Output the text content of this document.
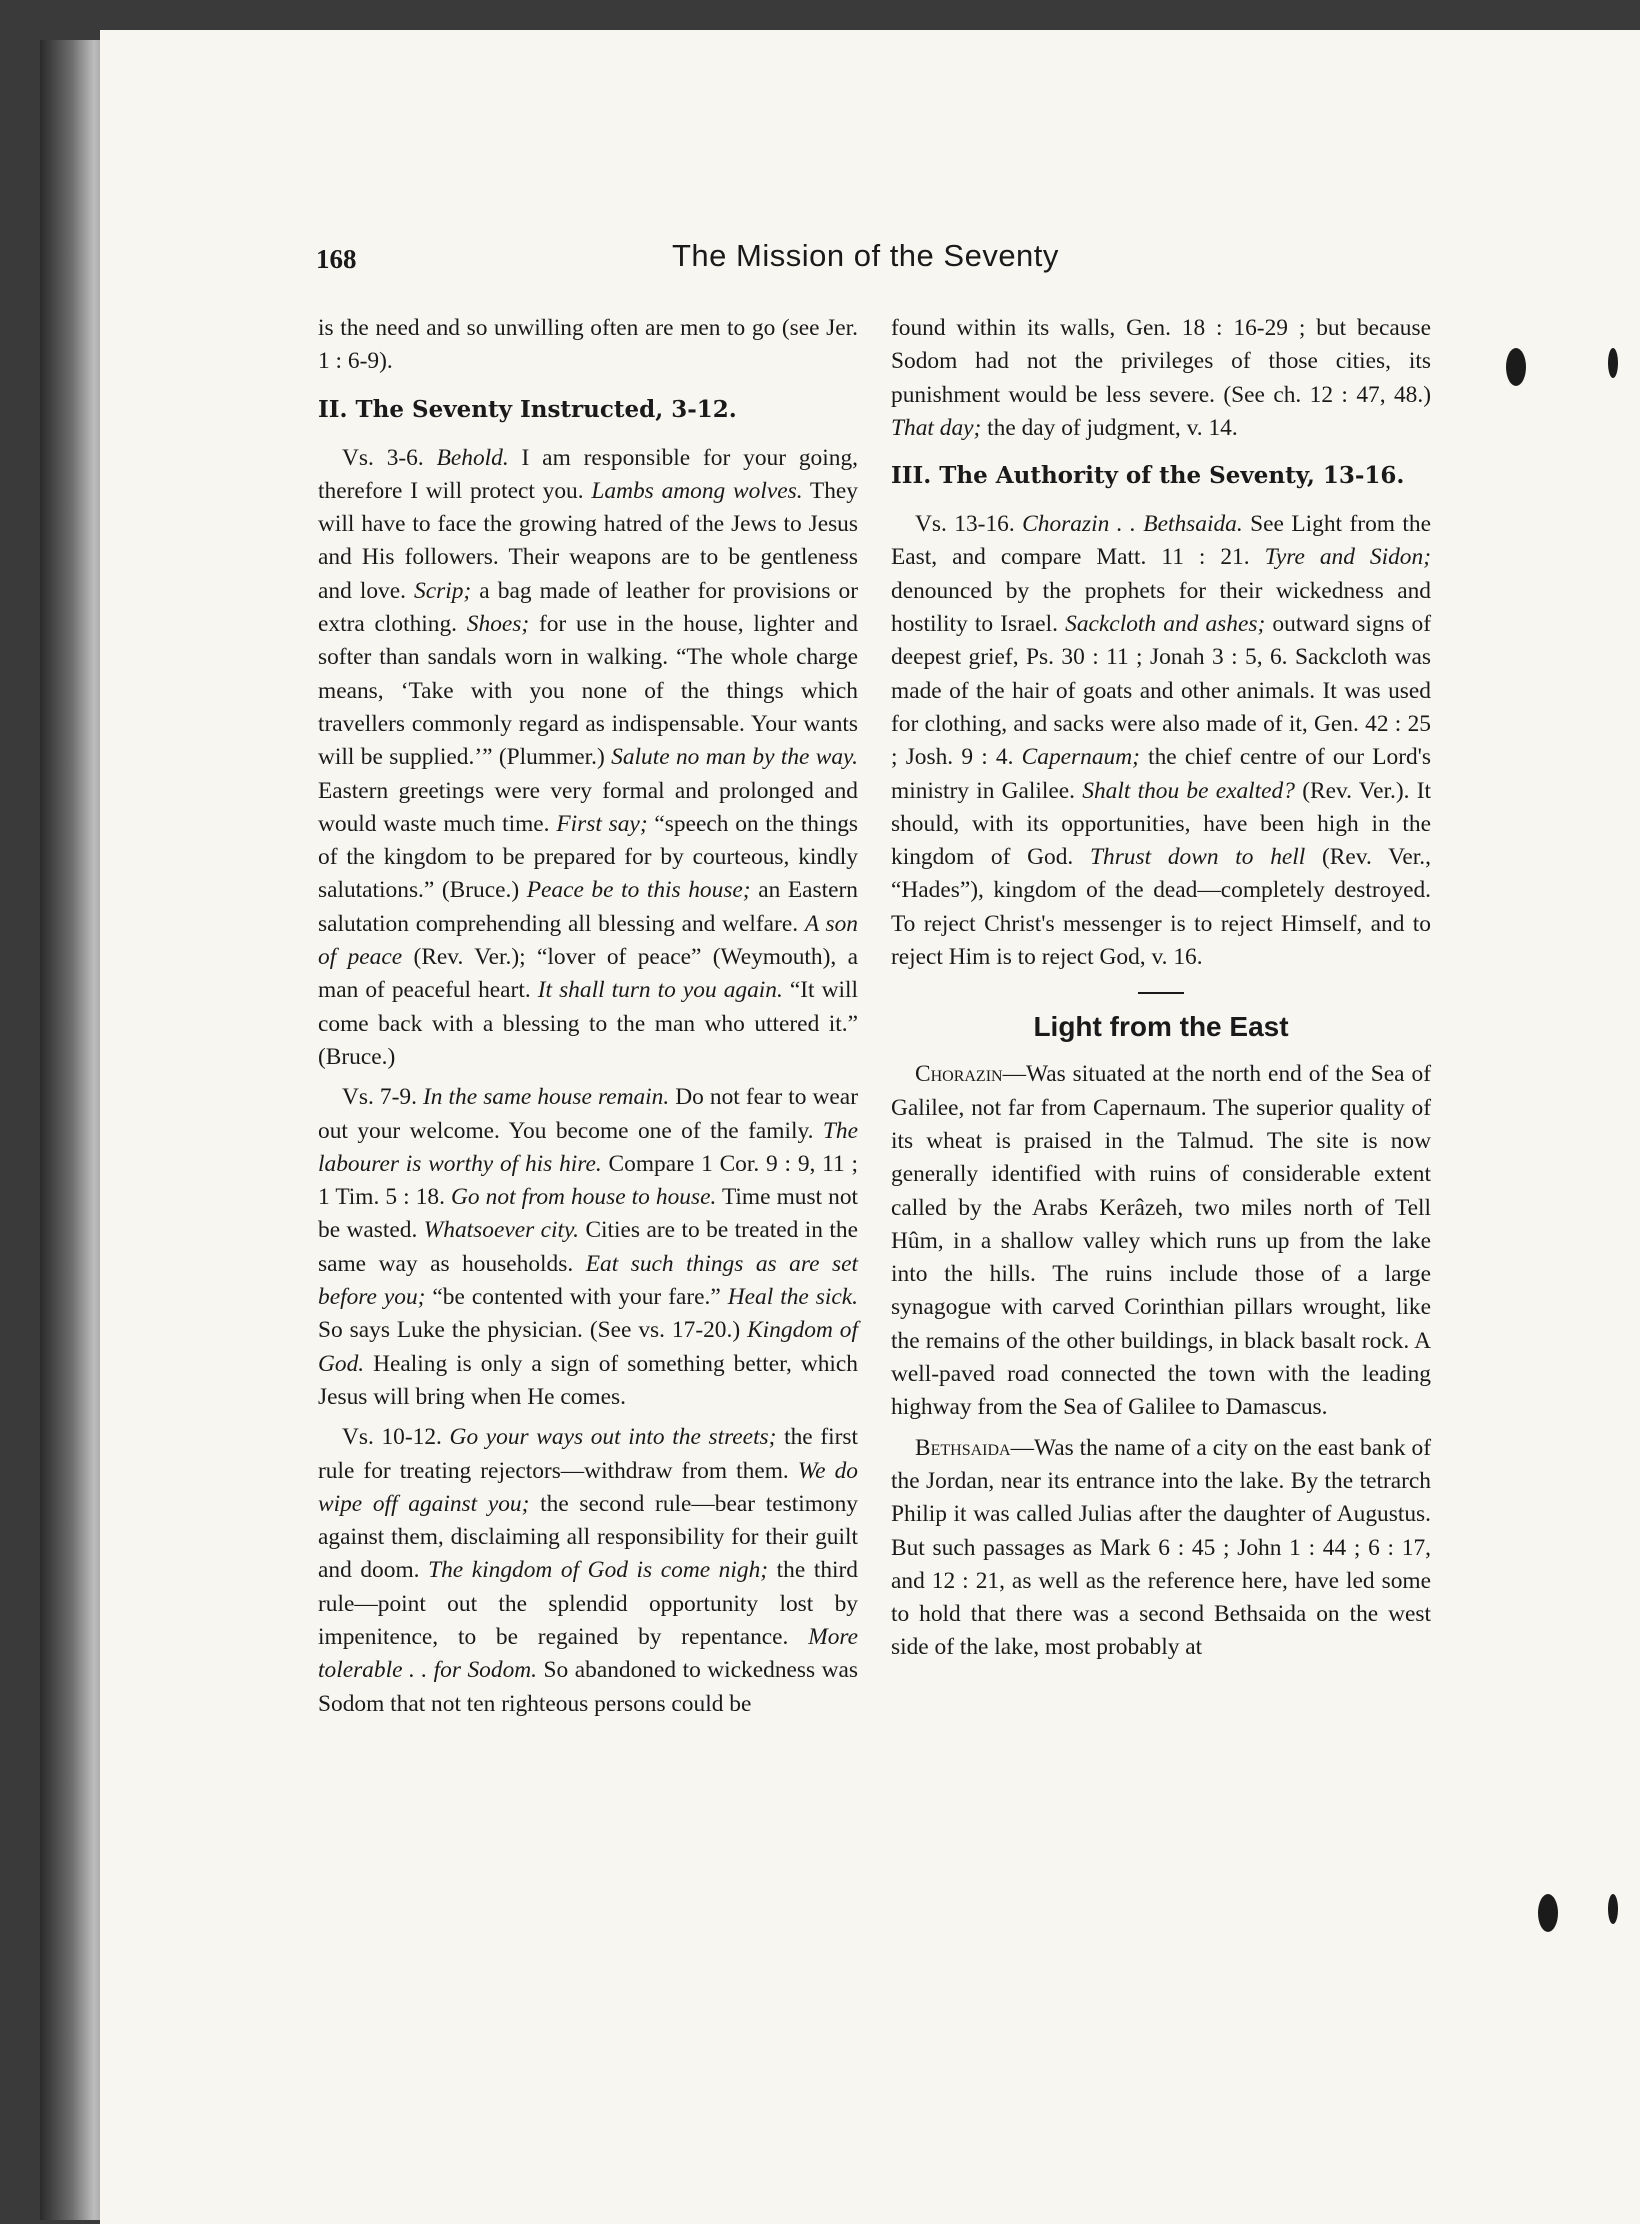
168	The Mission of the Seventy

is the need and so unwilling often are men to go (see Jer. 1 : 6-9).

II. The Seventy Instructed, 3-12.

Vs. 3-6. Behold. I am responsible for your going, therefore I will protect you. Lambs among wolves. They will have to face the growing hatred of the Jews to Jesus and His followers. Their weapons are to be gentleness and love. Scrip; a bag made of leather for provisions or extra clothing. Shoes; for use in the house, lighter and softer than sandals worn in walking. “The whole charge means, ‘Take with you none of the things which travellers commonly regard as indispensable. Your wants will be supplied.’” (Plummer.) Salute no man by the way. Eastern greetings were very formal and prolonged and would waste much time. First say; “speech on the things of the kingdom to be prepared for by courteous, kindly salutations.” (Bruce.) Peace be to this house; an Eastern salutation comprehending all blessing and welfare. A son of peace (Rev. Ver.); “lover of peace” (Weymouth), a man of peaceful heart. It shall turn to you again. “It will come back with a blessing to the man who uttered it.” (Bruce.)

Vs. 7-9. In the same house remain. Do not fear to wear out your welcome. You become one of the family. The labourer is worthy of his hire. Compare 1 Cor. 9 : 9, 11 ; 1 Tim. 5 : 18. Go not from house to house. Time must not be wasted. Whatsoever city. Cities are to be treated in the same way as households. Eat such things as are set before you; “be contented with your fare.” Heal the sick. So says Luke the physician. (See vs. 17-20.) Kingdom of God. Healing is only a sign of something better, which Jesus will bring when He comes.

Vs. 10-12. Go your ways out into the streets; the first rule for treating rejectors—withdraw from them. We do wipe off against you; the second rule—bear testimony against them, disclaiming all responsibility for their guilt and doom. The kingdom of God is come nigh; the third rule—point out the splendid opportunity lost by impenitence, to be regained by repentance. More tolerable . . for Sodom. So abandoned to wickedness was Sodom that not ten righteous persons could be

found within its walls, Gen. 18 : 16-29 ; but because Sodom had not the privileges of those cities, its punishment would be less severe. (See ch. 12 : 47, 48.) That day; the day of judgment, v. 14.

III. The Authority of the Seventy, 13-16.

Vs. 13-16. Chorazin . . Bethsaida. See Light from the East, and compare Matt. 11 : 21. Tyre and Sidon; denounced by the prophets for their wickedness and hostility to Israel. Sackcloth and ashes; outward signs of deepest grief, Ps. 30 : 11 ; Jonah 3 : 5, 6. Sackcloth was made of the hair of goats and other animals. It was used for clothing, and sacks were also made of it, Gen. 42 : 25 ; Josh. 9 : 4. Capernaum; the chief centre of our Lord's ministry in Galilee. Shalt thou be exalted? (Rev. Ver.). It should, with its opportunities, have been high in the kingdom of God. Thrust down to hell (Rev. Ver., “Hades”), kingdom of the dead—completely destroyed. To reject Christ's messenger is to reject Himself, and to reject Him is to reject God, v. 16.

Light from the East

Chorazin—Was situated at the north end of the Sea of Galilee, not far from Capernaum. The superior quality of its wheat is praised in the Talmud. The site is now generally identified with ruins of considerable extent called by the Arabs Kerâzeh, two miles north of Tell Hûm, in a shallow valley which runs up from the lake into the hills. The ruins include those of a large synagogue with carved Corinthian pillars wrought, like the remains of the other buildings, in black basalt rock. A well-paved road connected the town with the leading highway from the Sea of Galilee to Damascus.

Bethsaida—Was the name of a city on the east bank of the Jordan, near its entrance into the lake. By the tetrarch Philip it was called Julias after the daughter of Augustus. But such passages as Mark 6 : 45 ; John 1 : 44 ; 6 : 17, and 12 : 21, as well as the reference here, have led some to hold that there was a second Bethsaida on the west side of the lake, most probably at
